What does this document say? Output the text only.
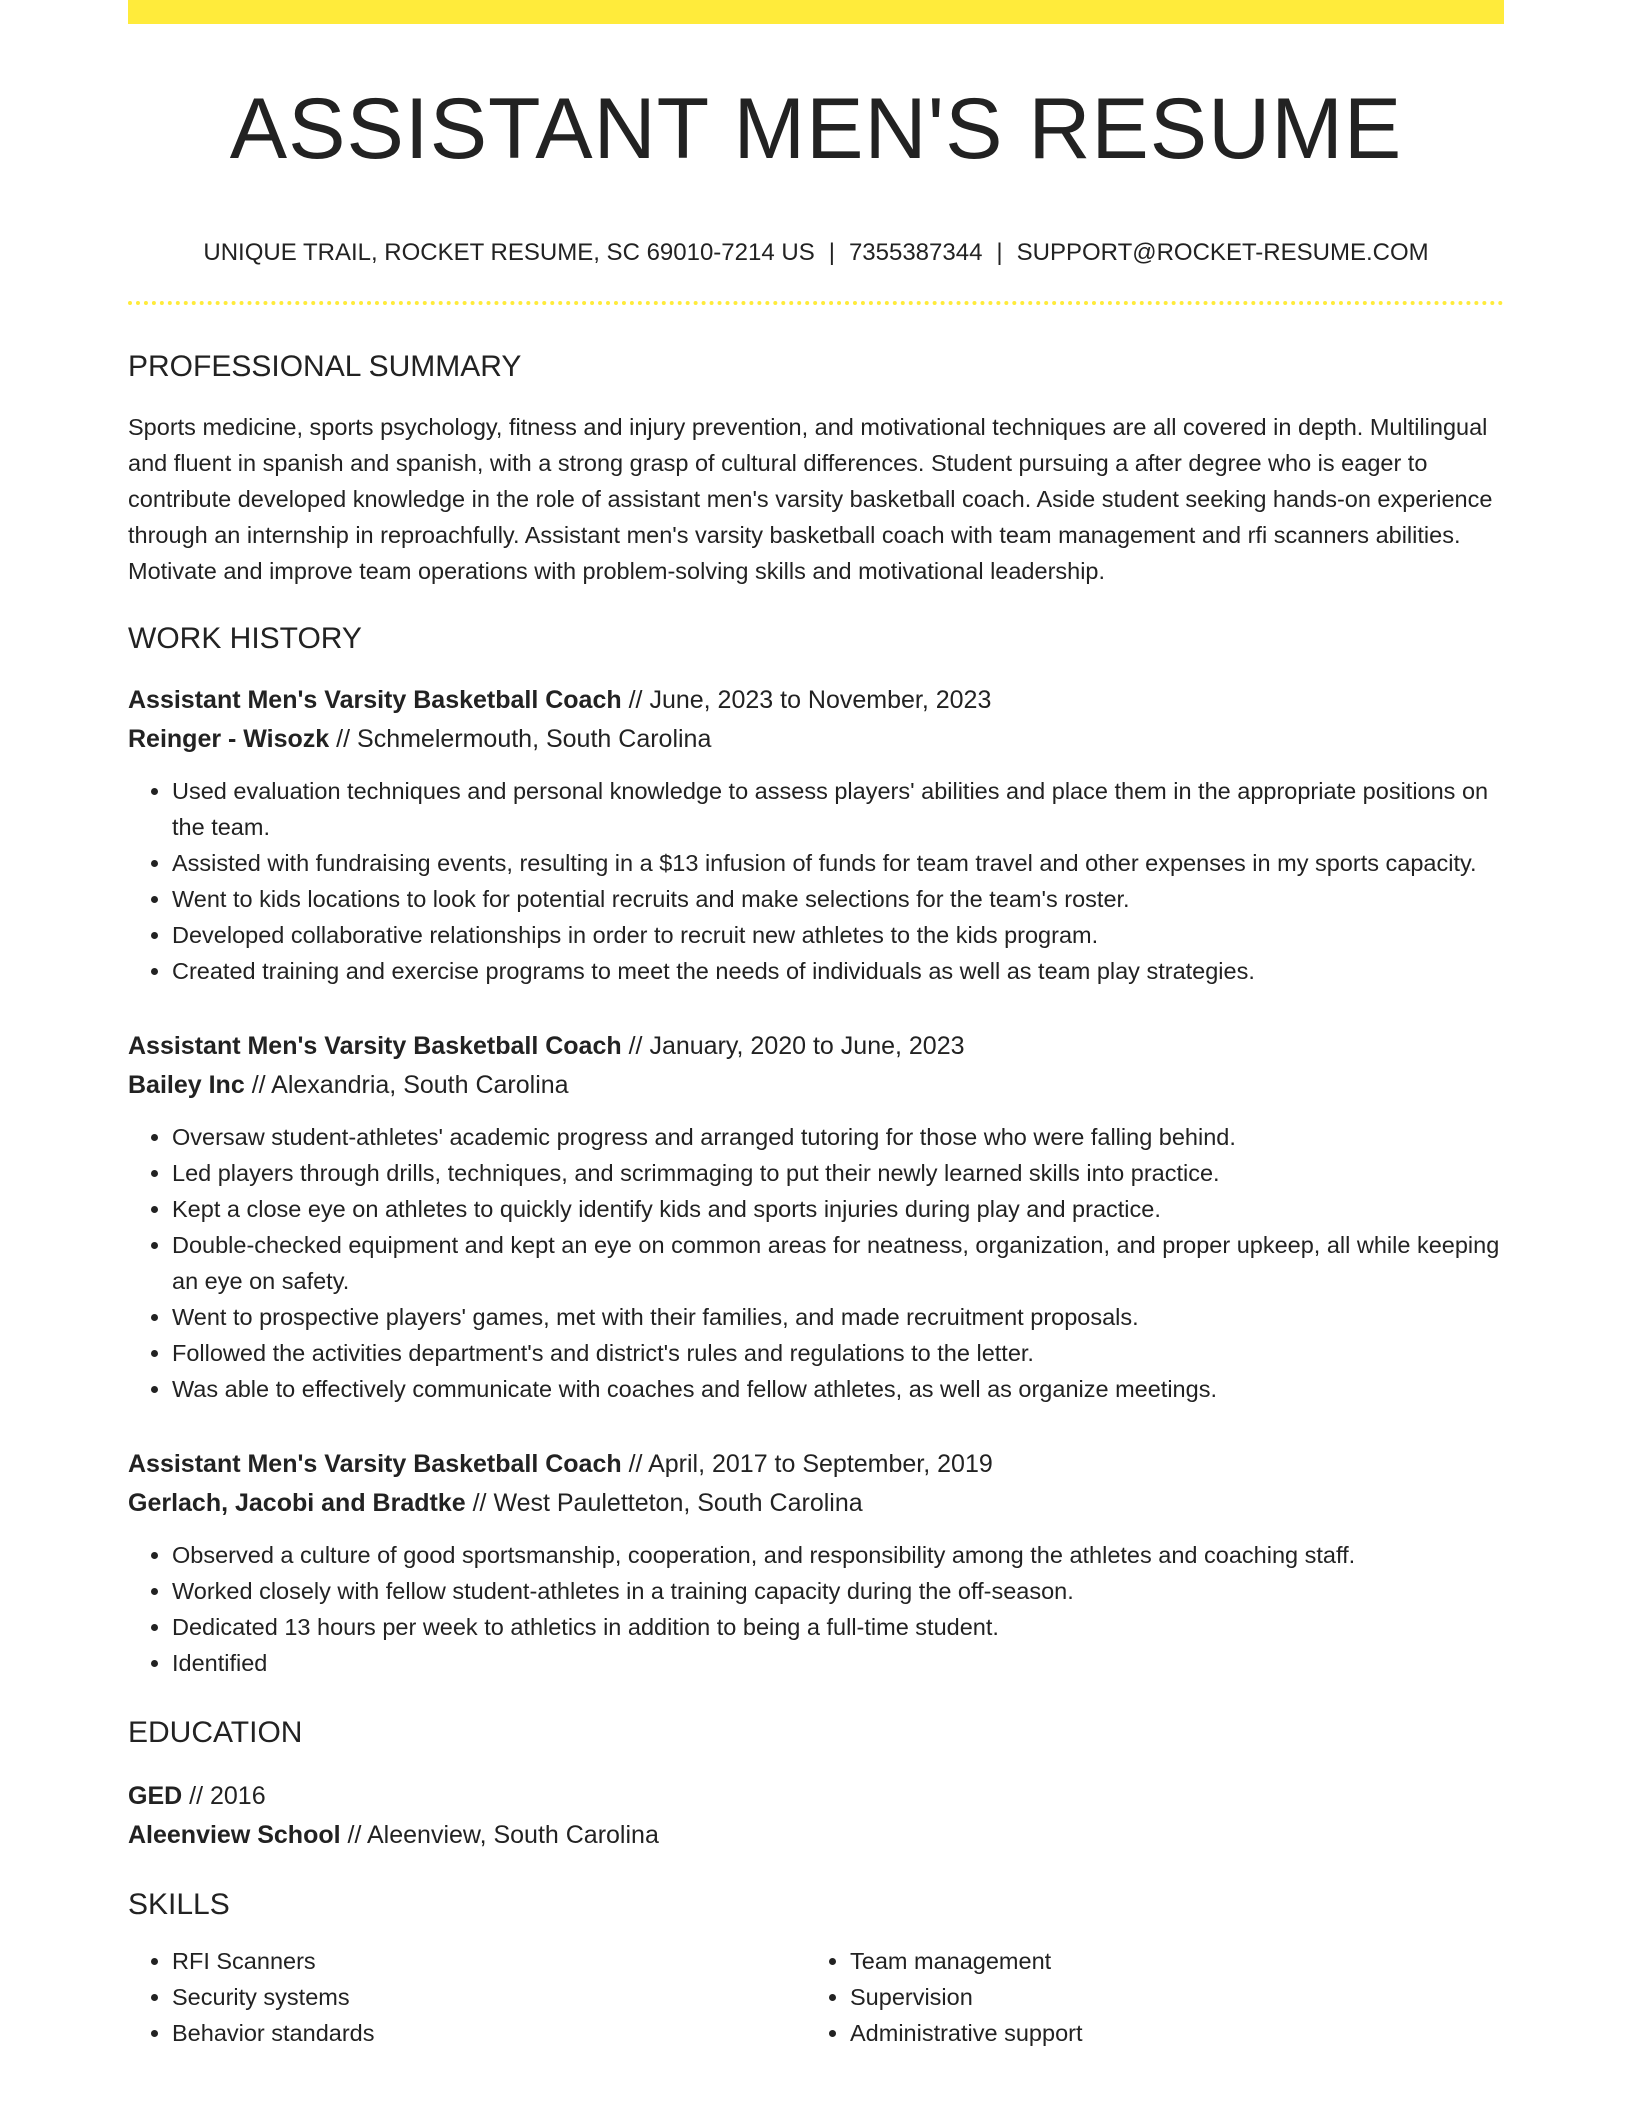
ASSISTANT MEN'S RESUME
UNIQUE TRAIL, ROCKET RESUME, SC 69010-7214 US | 7355387344 | SUPPORT@ROCKET-RESUME.COM
PROFESSIONAL SUMMARY
Sports medicine, sports psychology, fitness and injury prevention, and motivational techniques are all covered in depth. Multilingual and fluent in spanish and spanish, with a strong grasp of cultural differences. Student pursuing a after degree who is eager to contribute developed knowledge in the role of assistant men's varsity basketball coach. Aside student seeking hands-on experience through an internship in reproachfully. Assistant men's varsity basketball coach with team management and rfi scanners abilities. Motivate and improve team operations with problem-solving skills and motivational leadership.
WORK HISTORY
Assistant Men's Varsity Basketball Coach // June, 2023 to November, 2023
Reinger - Wisozk // Schmelermouth, South Carolina
• Used evaluation techniques and personal knowledge to assess players' abilities and place them in the appropriate positions on the team.
• Assisted with fundraising events, resulting in a $13 infusion of funds for team travel and other expenses in my sports capacity.
• Went to kids locations to look for potential recruits and make selections for the team's roster.
• Developed collaborative relationships in order to recruit new athletes to the kids program.
• Created training and exercise programs to meet the needs of individuals as well as team play strategies.
Assistant Men's Varsity Basketball Coach // January, 2020 to June, 2023
Bailey Inc // Alexandria, South Carolina
• Oversaw student-athletes' academic progress and arranged tutoring for those who were falling behind.
• Led players through drills, techniques, and scrimmaging to put their newly learned skills into practice.
• Kept a close eye on athletes to quickly identify kids and sports injuries during play and practice.
• Double-checked equipment and kept an eye on common areas for neatness, organization, and proper upkeep, all while keeping an eye on safety.
• Went to prospective players' games, met with their families, and made recruitment proposals.
• Followed the activities department's and district's rules and regulations to the letter.
• Was able to effectively communicate with coaches and fellow athletes, as well as organize meetings.
Assistant Men's Varsity Basketball Coach // April, 2017 to September, 2019
Gerlach, Jacobi and Bradtke // West Pauletteton, South Carolina
• Observed a culture of good sportsmanship, cooperation, and responsibility among the athletes and coaching staff.
• Worked closely with fellow student-athletes in a training capacity during the off-season.
• Dedicated 13 hours per week to athletics in addition to being a full-time student.
• Identified
EDUCATION
GED // 2016
Aleenview School // Aleenview, South Carolina
SKILLS
• RFI Scanners
• Security systems
• Behavior standards
• Team management
• Supervision
• Administrative support
